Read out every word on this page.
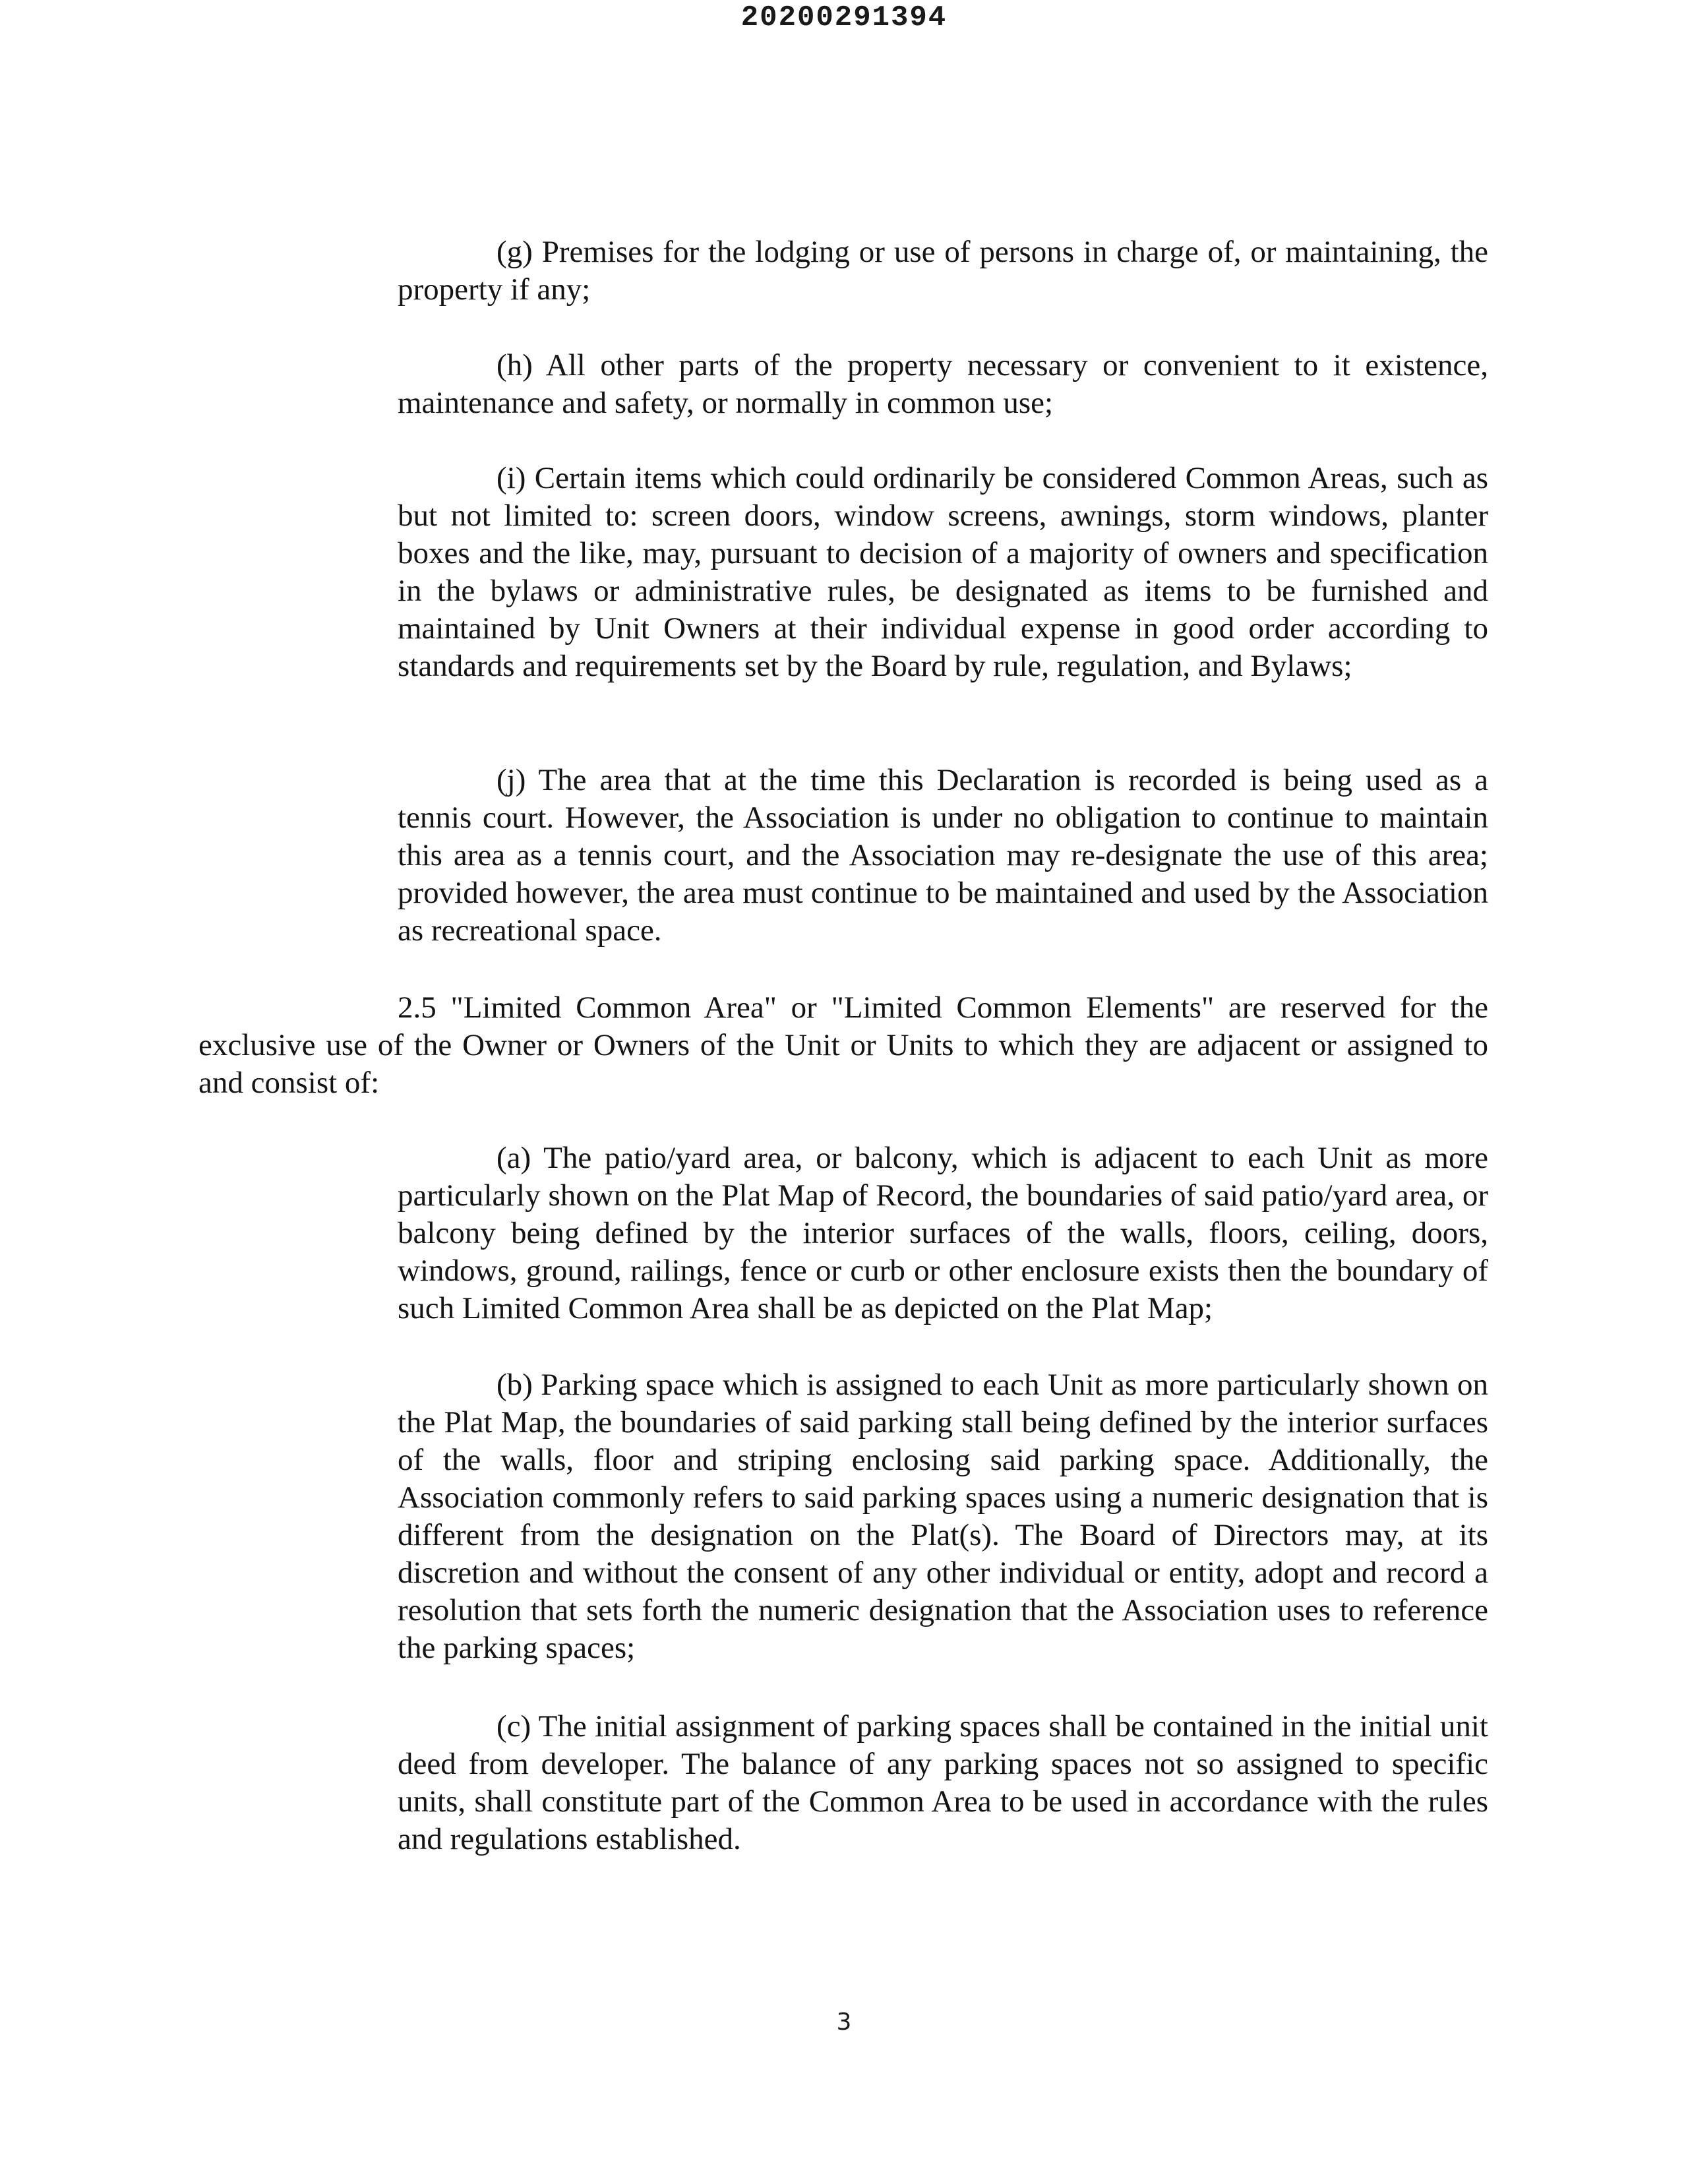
20200291394

(g) Premises for the lodging or use of persons in charge of, or maintaining, the property if any;

(h) All other parts of the property necessary or convenient to it existence, maintenance and safety, or normally in common use;

(i) Certain items which could ordinarily be considered Common Areas, such as but not limited to: screen doors, window screens, awnings, storm windows, planter boxes and the like, may, pursuant to decision of a majority of owners and specification in the bylaws or administrative rules, be designated as items to be furnished and maintained by Unit Owners at their individual expense in good order according to standards and requirements set by the Board by rule, regulation, and Bylaws;

(j) The area that at the time this Declaration is recorded is being used as a tennis court. However, the Association is under no obligation to continue to maintain this area as a tennis court, and the Association may re-designate the use of this area; provided however, the area must continue to be maintained and used by the Association as recreational space.

2.5 "Limited Common Area" or "Limited Common Elements" are reserved for the exclusive use of the Owner or Owners of the Unit or Units to which they are adjacent or assigned to and consist of:

(a) The patio/yard area, or balcony, which is adjacent to each Unit as more particularly shown on the Plat Map of Record, the boundaries of said patio/yard area, or balcony being defined by the interior surfaces of the walls, floors, ceiling, doors, windows, ground, railings, fence or curb or other enclosure exists then the boundary of such Limited Common Area shall be as depicted on the Plat Map;

(b) Parking space which is assigned to each Unit as more particularly shown on the Plat Map, the boundaries of said parking stall being defined by the interior surfaces of the walls, floor and striping enclosing said parking space. Additionally, the Association commonly refers to said parking spaces using a numeric designation that is different from the designation on the Plat(s). The Board of Directors may, at its discretion and without the consent of any other individual or entity, adopt and record a resolution that sets forth the numeric designation that the Association uses to reference the parking spaces;

(c) The initial assignment of parking spaces shall be contained in the initial unit deed from developer. The balance of any parking spaces not so assigned to specific units, shall constitute part of the Common Area to be used in accordance with the rules and regulations established.

3
